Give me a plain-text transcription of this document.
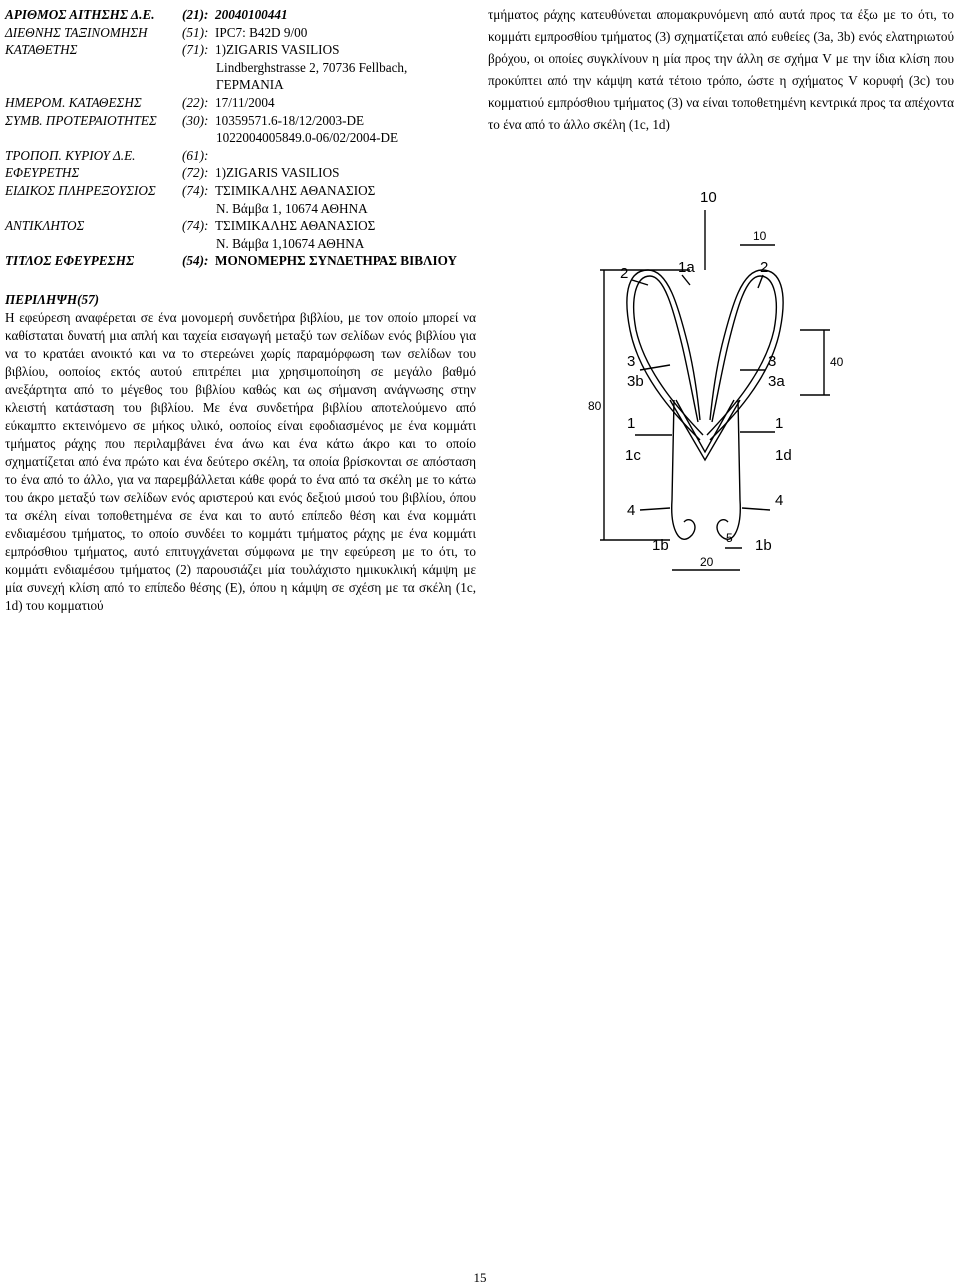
ΑΡΙΘΜΟΣ ΑΙΤΗΣΗΣ Δ.Ε. (21): 20040100441
ΔΙΕΘΝΗΣ ΤΑΞΙΝΟΜΗΣΗ	(51): IPC7: B42D 9/00
ΚΑΤΑΘΕΤΗΣ	(71): 1)ZIGARIS VASILIOS
Lindberghstrasse 2, 70736 Fellbach,
ΓΕΡΜΑΝΙΑ
ΗΜΕΡΟΜ. ΚΑΤΑΘΕΣΗΣ	(22): 17/11/2004
ΣΥΜΒ. ΠΡΟΤΕΡΑΙΟΤΗΤΕΣ (30): 10359571.6-18/12/2003-DE
1022004005849.0-06/02/2004-DE
ΤΡΟΠΟΠ. ΚΥΡΙΟΥ Δ.Ε.	(61):
ΕΦΕΥΡΕΤΗΣ	(72): 1)ZIGARIS VASILIOS
ΕΙΔΙΚΟΣ ΠΛΗΡΕΞΟΥΣΙΟΣ (74): ΤΣΙΜΙΚΑΛΗΣ ΑΘΑΝΑΣΙΟΣ
Ν. Βάμβα 1, 10674 ΑΘΗΝΑ
ΑΝΤΙΚΛΗΤΟΣ	(74): ΤΣΙΜΙΚΑΛΗΣ ΑΘΑΝΑΣΙΟΣ
Ν. Βάμβα 1,10674 ΑΘΗΝΑ
ΤΙΤΛΟΣ ΕΦΕΥΡΕΣΗΣ	(54): ΜΟΝΟΜΕΡΗΣ ΣΥΝΔΕΤΗΡΑΣ ΒΙΒΛΙΟΥ
ΠΕΡΙΛΗΨΗ(57)
Η εφεύρεση αναφέρεται σε ένα μονομερή συνδετήρα βιβλίου, με τον οποίο μπορεί να καθίσταται δυνατή μια απλή και ταχεία εισαγωγή μεταξύ των σελίδων ενός βιβλίου για να το κρατάει ανοικτό και να το στερεώνει χωρίς παραμόρφωση των σελίδων του βιβλίου, οοποίος εκτός αυτού επιτρέπει μια χρησιμοποίηση σε μεγάλο βαθμό ανεξάρτητα από το μέγεθος του βιβλίου καθώς και ως σήμανση ανάγνωσης στην κλειστή κατάσταση του βιβλίου. Με ένα συνδετήρα βιβλίου αποτελούμενο από εύκαμπτο εκτεινόμενο σε μήκος υλικό, οοποίος είναι εφοδιασμένος με ένα κομμάτι τμήματος ράχης που περιλαμβάνει ένα άνω και ένα κάτω άκρο και το οποίο σχηματίζεται από ένα πρώτο και ένα δεύτερο σκέλη, τα οποία βρίσκονται σε απόσταση το ένα από το άλλο, για να παρεμβάλλεται κάθε φορά το ένα από τα σκέλη με το κάτω του άκρο μεταξύ των σελίδων ενός αριστερού και ενός δεξιού μισού του βιβλίου, όπου τα σκέλη είναι τοποθετημένα σε ένα και το αυτό επίπεδο θέση και ένα κομμάτι ενδιαμέσου τμήματος, το οποίο συνδέει το κομμάτι τμήματος ράχης με ένα κομμάτι εμπρόσθιου τμήματος, αυτό επιτυγχάνεται σύμφωνα με την εφεύρεση με το ότι, το κομμάτι ενδιαμέσου τμήματος (2) παρουσιάζει μία τουλάχιστο ημικυκλική κάμψη με μία συνεχή κλίση από το επίπεδο θέσης (Ε), όπου η κάμψη σε σχέση με τα σκέλη (1c, 1d) του κομματιού
τμήματος ράχης κατευθύνεται απομακρυνόμενη από αυτά προς τα έξω με το ότι, το κομμάτι εμπροσθίου τμήματος (3) σχηματίζεται από ευθείες (3a, 3b) ενός ελατηριωτού βρόχου, οι οποίες συγκλίνουν η μία προς την άλλη σε σχήμα V με την ίδια κλίση που προκύπτει από την κάμψη κατά τέτοιο τρόπο, ώστε η σχήματος V κορυφή (3c) του κομματιού εμπρόσθιου τμήματος (3) να είναι τοποθετημένη κεντρικά προς τα απέχοντα το ένα από το άλλο σκέλη (1c, 1d)
10
10
2	1a	2
3
3b
3
3a
40
80
1
1c
1
1d
4
4
1b	1b
5
20
15
